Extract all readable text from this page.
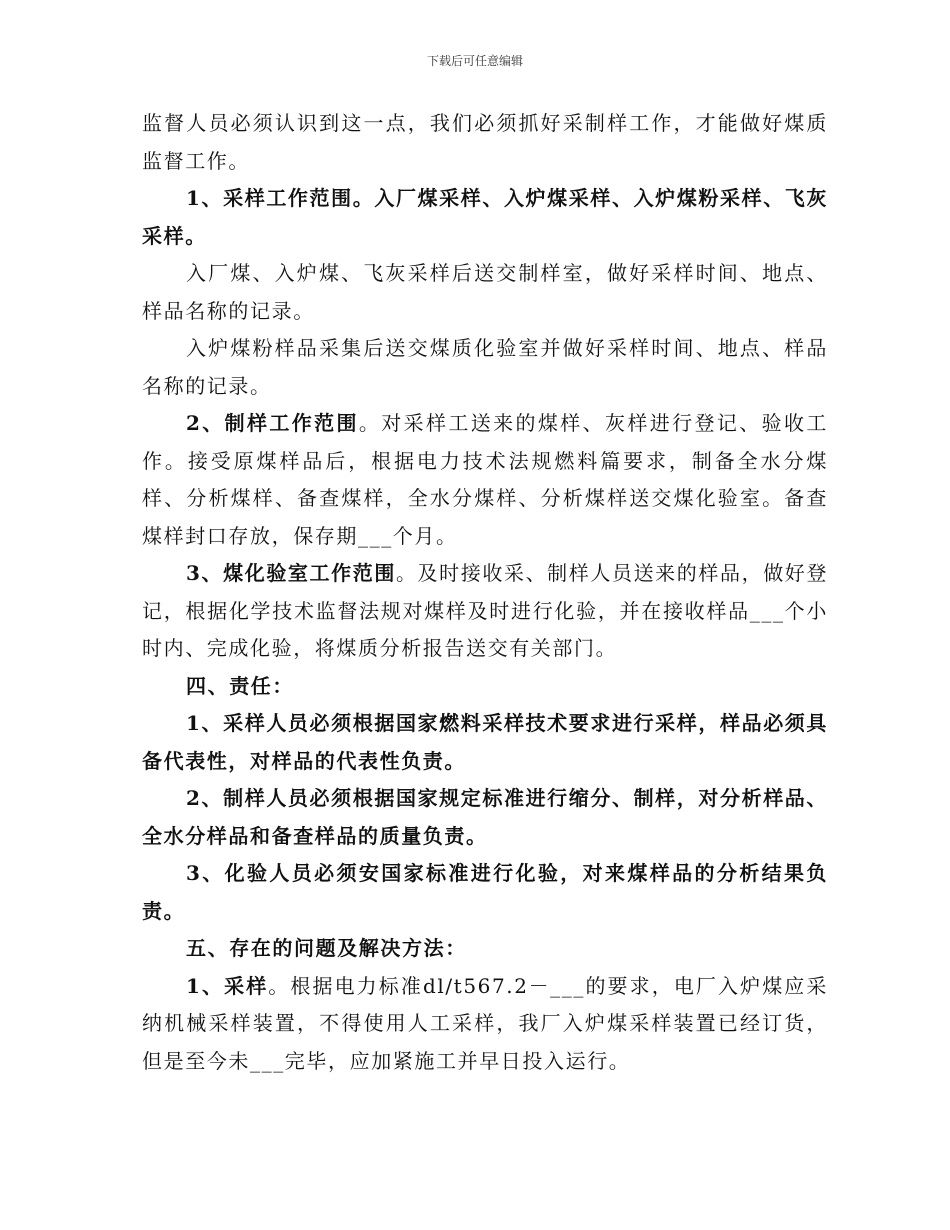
下载后可任意编辑

监督人员必须认识到这一点，我们必须抓好采制样工作，才能做好煤质监督工作。

1、采样工作范围。入厂煤采样、入炉煤采样、入炉煤粉采样、飞灰采样。

入厂煤、入炉煤、飞灰采样后送交制样室，做好采样时间、地点、样品名称的记录。

入炉煤粉样品采集后送交煤质化验室并做好采样时间、地点、样品名称的记录。

2、制样工作范围。对采样工送来的煤样、灰样进行登记、验收工作。接受原煤样品后，根据电力技术法规燃料篇要求，制备全水分煤样、分析煤样、备查煤样，全水分煤样、分析煤样送交煤化验室。备查煤样封口存放，保存期___个月。

3、煤化验室工作范围。及时接收采、制样人员送来的样品，做好登记，根据化学技术监督法规对煤样及时进行化验，并在接收样品___个小时内、完成化验，将煤质分析报告送交有关部门。

四、责任：

1、采样人员必须根据国家燃料采样技术要求进行采样，样品必须具备代表性，对样品的代表性负责。

2、制样人员必须根据国家规定标准进行缩分、制样，对分析样品、全水分样品和备查样品的质量负责。

3、化验人员必须安国家标准进行化验，对来煤样品的分析结果负责。

五、存在的问题及解决方法：

1、采样。根据电力标准dl/t567.2－___的要求，电厂入炉煤应采纳机械采样装置，不得使用人工采样，我厂入炉煤采样装置已经订货，但是至今未___完毕，应加紧施工并早日投入运行。
